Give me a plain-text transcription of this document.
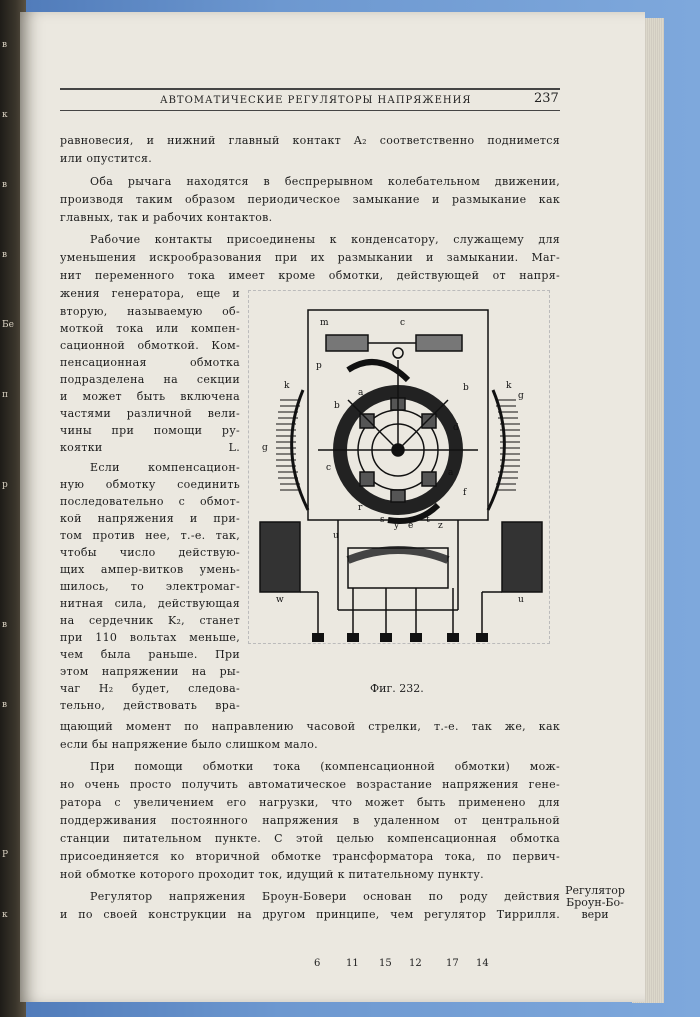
в
к
в
в
Бе
п
р
в
в
Р
к
АВТОМАТИЧЕСКИЕ РЕГУЛЯТОРЫ НАПРЯЖЕНИЯ	237
равновесия, и нижний главный контакт A₂ соответственно поднимется
или опустится.
Оба рычага находятся в беспрерывном колебательном движении,
производя таким образом периодическое замыкание и размыкание как
главных, так и рабочих контактов.
Рабочие контакты присоединены к конденсатору, служащему для
уменьшения искрообразования при их размыкании и замыкании. Маг-
нит переменного тока имеет кроме обмотки, действующей от напря-
жения генератора, еще и
вторую, называемую об-
моткой тока или компен-
сационной обмоткой. Ком-
пенсационная обмотка
подразделена на секции
и может быть включена
частями различной вели-
чины при помощи ру-
коятки L.
Если компенсацион-
ную обмотку соединить
последовательно с обмот-
кой напряжения и при-
том против нее, т.-е. так,
чтобы число действую-
щих ампер-витков умень-
шилось, то электромаг-
нитная сила, действующая
на сердечник K₂, станет
при 110 вольтах меньше,
чем была раньше. При
этом напряжении на ры-
чаг H₂ будет, следова-
тельно, действовать вра-
щающий момент по направлению часовой стрелки, т.-е. так же, как
если бы напряжение было слишком мало.
При помощи обмотки тока (компенсационной обмотки) мож-
но очень просто получить автоматическое возрастание напряжения гене-
ратора с увеличением его нагрузки, что может быть применено для
поддерживания постоянного напряжения в удаленном от центральной
станции питательном пункте. С этой целью компенсационная обмотка
присоединяется ко вторичной обмотке трансформатора тока, по первич-
ной обмотке которого проходит ток, идущий к питательному пункту.
Регулятор напряжения Броун-Бовери основан по роду действия
и по своей конструкции на другом принципе, чем регулятор Тиррилля.
Регулятор
Броун-Бо-
вери
m	c
p
k	k
g
b
a
g
b
d
c	a
f
r
s	t
e
y	z
u
w	u
6	11 15 12 17 14
Фиг. 232.
